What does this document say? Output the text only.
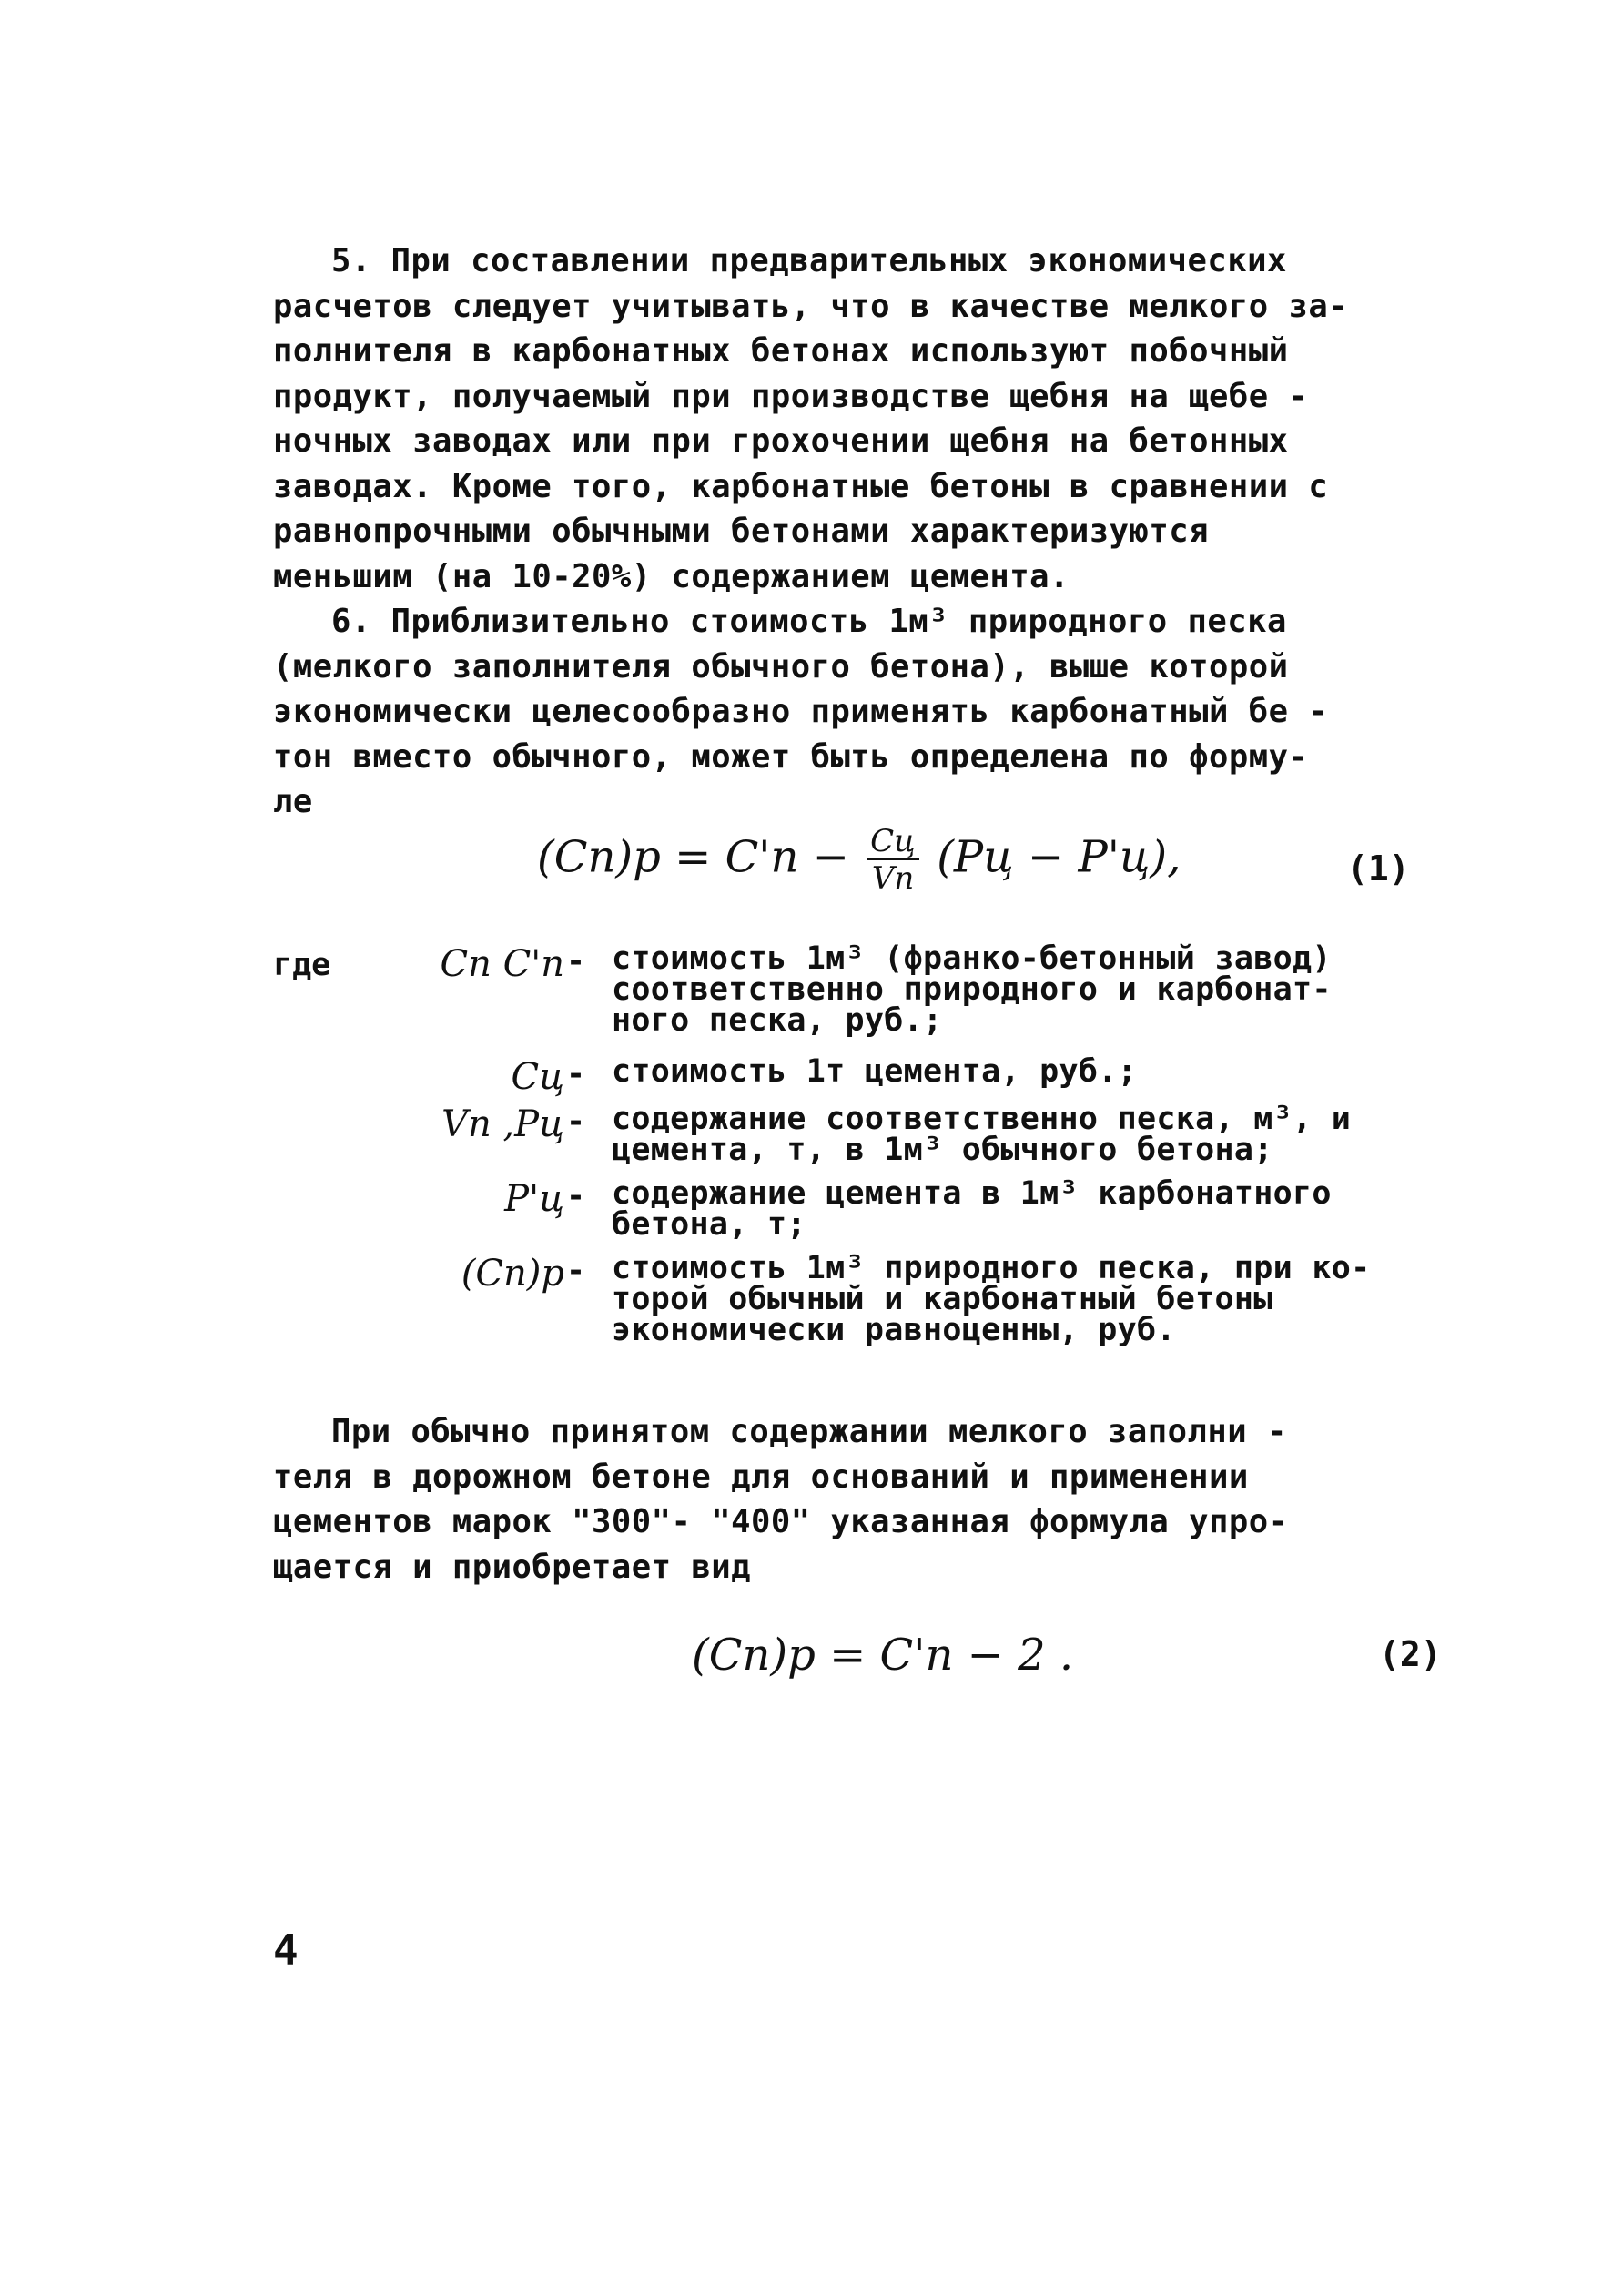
5. При составлении предварительных экономических
расчетов следует учитывать, что в качестве мелкого за-
полнителя в карбонатных бетонах используют побочный
продукт, получаемый при производстве щебня на щебе -
ночных заводах или при грохочении щебня на бетонных
заводах. Кроме того, карбонатные бетоны в сравнении с
равнопрочными обычными бетонами характеризуются
меньшим (на 10-20%) содержанием цемента.
6. Приблизительно стоимость 1м³ природного песка
(мелкого заполнителя обычного бетона), выше которой
экономически целесообразно применять карбонатный бе -
тон вместо обычного, может быть определена по форму-
ле
$(Cп)р = C'п - \frac{Cц}{Vп} (Pц - P'ц)$,	(1)
где	Cп C'п - стоимость 1м³ (франко-бетонный завод)
соответственно природного и карбонат-
ного песка, руб.;
Cц - стоимость 1т цемента, руб.;
Vп ,Pц - содержание соответственно песка, м³, и
цемента, т, в 1м³ обычного бетона;
P'ц - содержание цемента в 1м³ карбонатного
бетона, т;
(Cп)р - стоимость 1м³ природного песка, при ко-
торой обычный и карбонатный бетоны
экономически равноценны, руб.
При обычно принятом содержании мелкого заполни -
теля в дорожном бетоне для оснований и применении
цементов марок "300"- "400" указанная формула упро-
щается и приобретает вид
(Cп)р = C'п − 2 .	(2)
4
